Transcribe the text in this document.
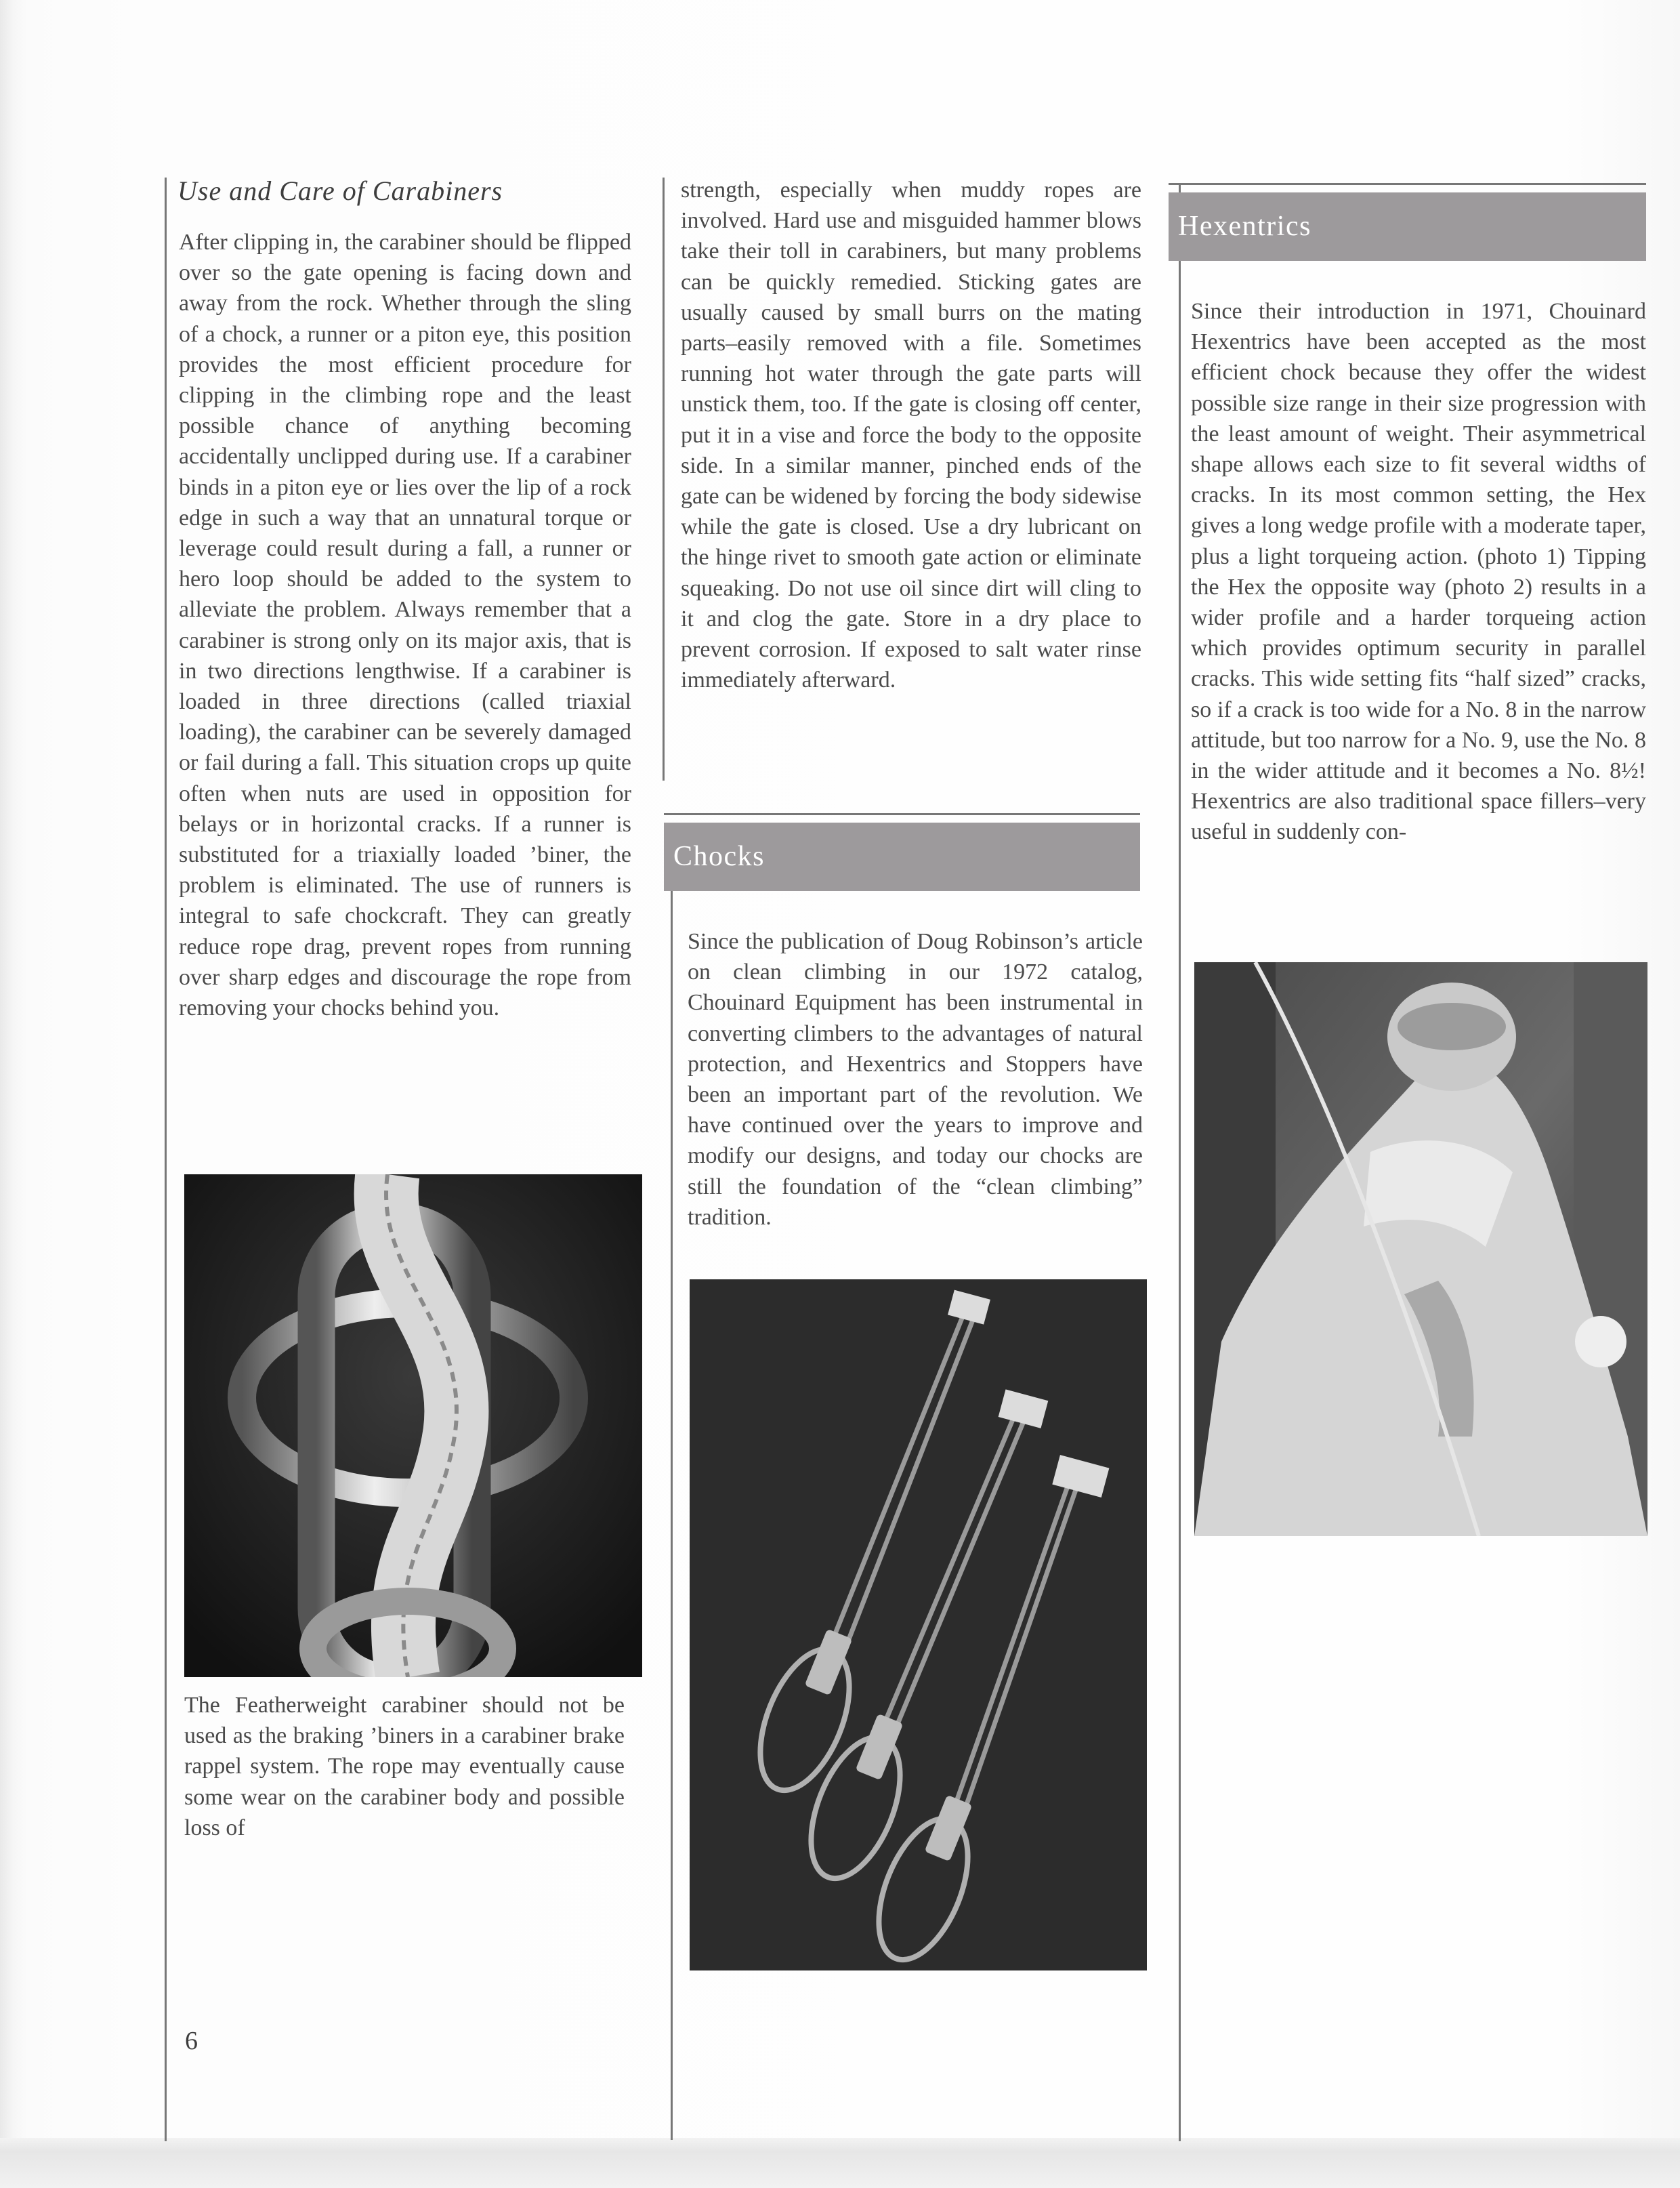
Use and Care of Carabiners

After clipping in, the carabiner should be flipped over so the gate opening is facing down and away from the rock. Whether through the sling of a chock, a runner or a piton eye, this position provides the most efficient procedure for clipping in the climbing rope and the least possible chance of anything becoming accidentally unclipped during use. If a carabiner binds in a piton eye or lies over the lip of a rock edge in such a way that an unnatural torque or leverage could result during a fall, a runner or hero loop should be added to the system to alleviate the problem. Always remember that a carabiner is strong only on its major axis, that is in two directions lengthwise. If a carabiner is loaded in three directions (called triaxial loading), the carabiner can be severely damaged or fail during a fall. This situation crops up quite often when nuts are used in opposition for belays or in horizontal cracks. If a runner is substituted for a triaxially loaded ’biner, the problem is eliminated. The use of runners is integral to safe chockcraft. They can greatly reduce rope drag, prevent ropes from running over sharp edges and discourage the rope from removing your chocks behind you.

The Featherweight carabiner should not be used as the braking ’biners in a carabiner brake rappel system. The rope may eventually cause some wear on the carabiner body and possible loss of

strength, especially when muddy ropes are involved. Hard use and misguided hammer blows take their toll in carabiners, but many problems can be quickly remedied. Sticking gates are usually caused by small burrs on the mating parts–easily removed with a file. Sometimes running hot water through the gate parts will unstick them, too. If the gate is closing off center, put it in a vise and force the body to the opposite side. In a similar manner, pinched ends of the gate can be widened by forcing the body sidewise while the gate is closed. Use a dry lubricant on the hinge rivet to smooth gate action or eliminate squeaking. Do not use oil since dirt will cling to it and clog the gate. Store in a dry place to prevent corrosion. If exposed to salt water rinse immediately afterward.

Chocks

Since the publication of Doug Robinson’s article on clean climbing in our 1972 catalog, Chouinard Equipment has been instrumental in converting climbers to the advantages of natural protection, and Hexentrics and Stoppers have been an important part of the revolution. We have continued over the years to improve and modify our designs, and today our chocks are still the foundation of the “clean climbing” tradition.

Hexentrics

Since their introduction in 1971, Chouinard Hexentrics have been accepted as the most efficient chock because they offer the widest possible size range in their size progression with the least amount of weight. Their asymmetrical shape allows each size to fit several widths of cracks. In its most common setting, the Hex gives a long wedge profile with a moderate taper, plus a light torqueing action. (photo 1) Tipping the Hex the opposite way (photo 2) results in a wider profile and a harder torqueing action which provides optimum security in parallel cracks. This wide setting fits “half sized” cracks, so if a crack is too wide for a No. 8 in the narrow attitude, but too narrow for a No. 9, use the No. 8 in the wider attitude and it becomes a No. 8½! Hexentrics are also traditional space fillers–very useful in suddenly con-

6
